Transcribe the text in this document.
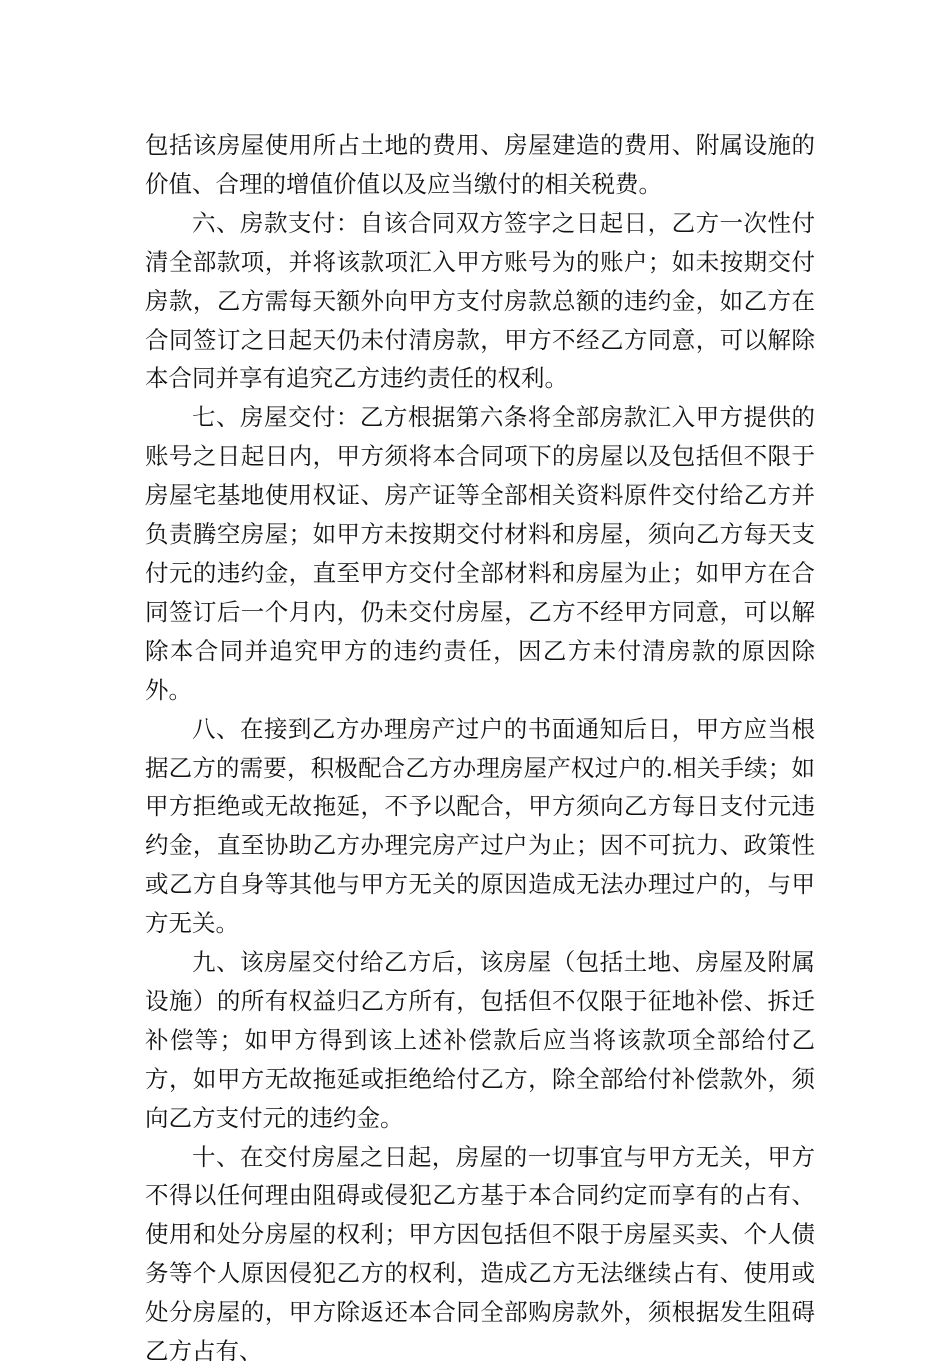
包括该房屋使用所占土地的费用、房屋建造的费用、附属设施的价值、合理的增值价值以及应当缴付的相关税费。

六、房款支付：自该合同双方签字之日起日，乙方一次性付清全部款项，并将该款项汇入甲方账号为的账户；如未按期交付房款，乙方需每天额外向甲方支付房款总额的违约金，如乙方在合同签订之日起天仍未付清房款，甲方不经乙方同意，可以解除本合同并享有追究乙方违约责任的权利。

七、房屋交付：乙方根据第六条将全部房款汇入甲方提供的账号之日起日内，甲方须将本合同项下的房屋以及包括但不限于房屋宅基地使用权证、房产证等全部相关资料原件交付给乙方并负责腾空房屋；如甲方未按期交付材料和房屋，须向乙方每天支付元的违约金，直至甲方交付全部材料和房屋为止；如甲方在合同签订后一个月内，仍未交付房屋，乙方不经甲方同意，可以解除本合同并追究甲方的违约责任，因乙方未付清房款的原因除外。

八、在接到乙方办理房产过户的书面通知后日，甲方应当根据乙方的需要，积极配合乙方办理房屋产权过户的.相关手续；如甲方拒绝或无故拖延，不予以配合，甲方须向乙方每日支付元违约金，直至协助乙方办理完房产过户为止；因不可抗力、政策性或乙方自身等其他与甲方无关的原因造成无法办理过户的，与甲方无关。

九、该房屋交付给乙方后，该房屋（包括土地、房屋及附属设施）的所有权益归乙方所有，包括但不仅限于征地补偿、拆迁补偿等；如甲方得到该上述补偿款后应当将该款项全部给付乙方，如甲方无故拖延或拒绝给付乙方，除全部给付补偿款外，须向乙方支付元的违约金。

十、在交付房屋之日起，房屋的一切事宜与甲方无关，甲方不得以任何理由阻碍或侵犯乙方基于本合同约定而享有的占有、使用和处分房屋的权利；甲方因包括但不限于房屋买卖、个人债务等个人原因侵犯乙方的权利，造成乙方无法继续占有、使用或处分房屋的，甲方除返还本合同全部购房款外，须根据发生阻碍乙方占有、
